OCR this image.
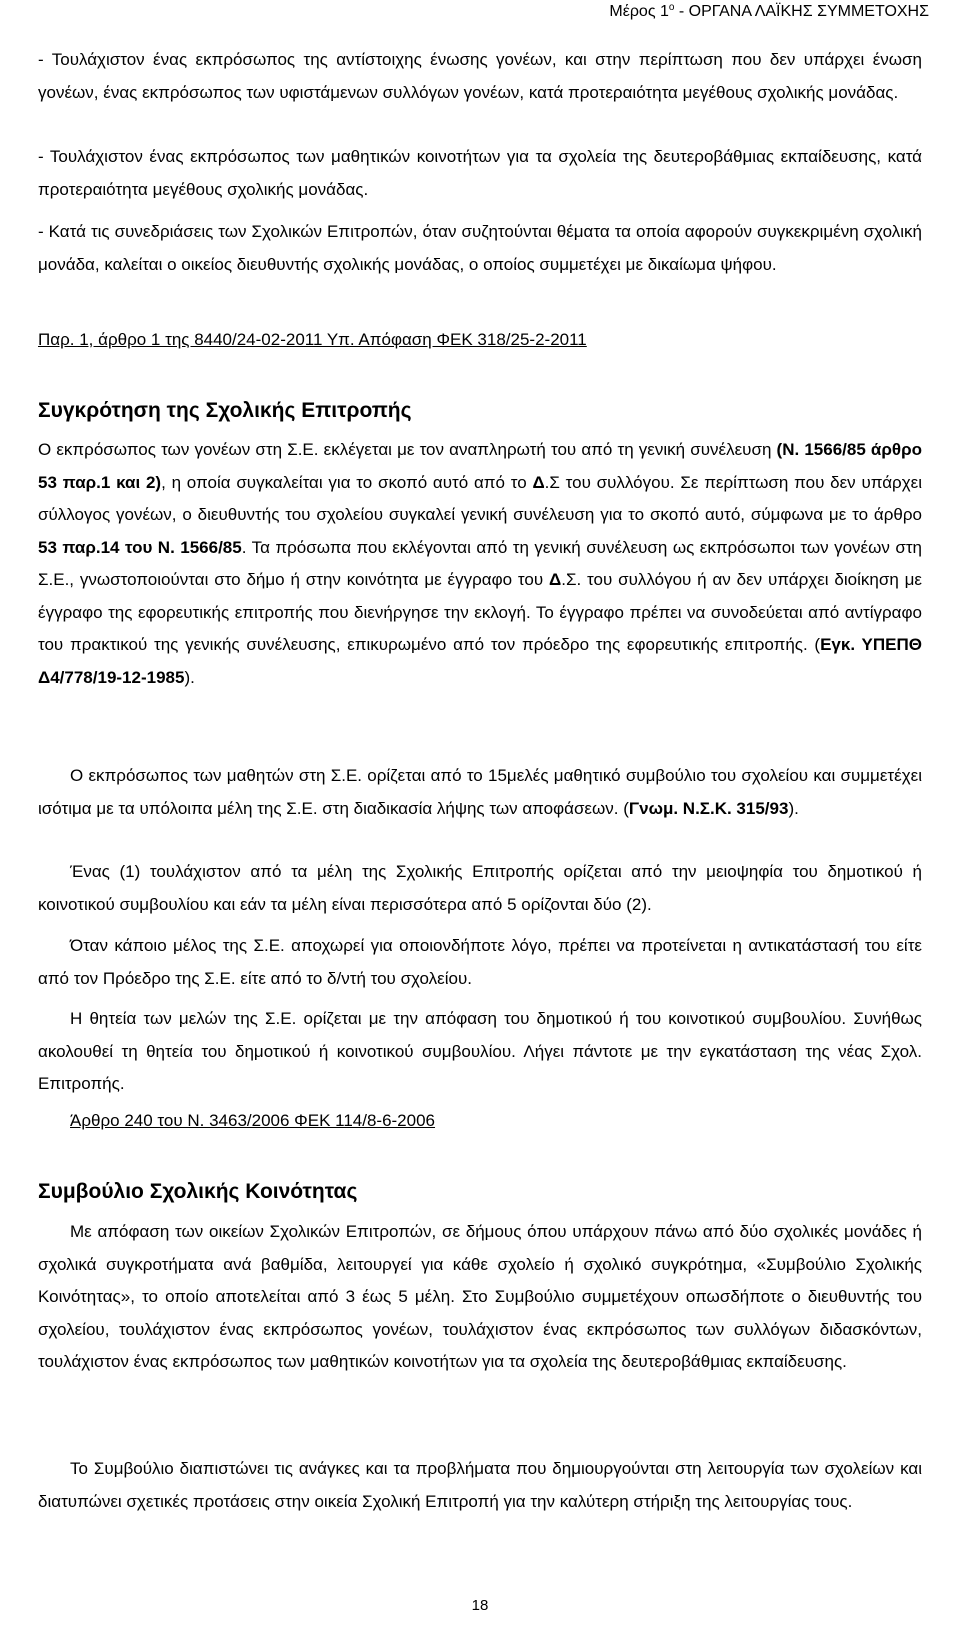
Μέρος $1^o$ - ΟΡΓΑΝΑ ΛΑΪΚΗΣ ΣΥΜΜΕΤΟΧΗΣ
- Τουλάχιστον ένας εκπρόσωπος της αντίστοιχης ένωσης γονέων, και στην περίπτωση που δεν υπάρχει ένωση γονέων, ένας εκπρόσωπος των υφιστάμενων συλλόγων γονέων, κατά προτεραιότητα μεγέθους σχολικής μονάδας.
- Τουλάχιστον ένας εκπρόσωπος των μαθητικών κοινοτήτων για τα σχολεία της δευτεροβάθμιας εκπαίδευσης, κατά προτεραιότητα μεγέθους σχολικής μονάδας.
- Κατά τις συνεδριάσεις των Σχολικών Επιτροπών, όταν συζητούνται θέματα τα οποία αφορούν συγκεκριμένη σχολική μονάδα, καλείται ο οικείος διευθυντής σχολικής μονάδας, ο οποίος συμμετέχει με δικαίωμα ψήφου.
Παρ. 1, άρθρο 1 της 8440/24-02-2011 Υπ. Απόφαση ΦΕΚ 318/25-2-2011
Συγκρότηση της Σχολικής Επιτροπής
Ο εκπρόσωπος των γονέων στη Σ.Ε. εκλέγεται με τον αναπληρωτή του από τη γενική συνέλευση (Ν. 1566/85 άρθρο 53 παρ.1 και 2), η οποία συγκαλείται για το σκοπό αυτό από το Δ.Σ του συλλόγου. Σε περίπτωση που δεν υπάρχει σύλλογος γονέων, ο διευθυντής του σχολείου συγκαλεί γενική συνέλευση για το σκοπό αυτό, σύμφωνα με το άρθρο 53 παρ.14 του Ν. 1566/85. Τα πρόσωπα που εκλέγονται από τη γενική συνέλευση ως εκπρόσωποι των γονέων στη Σ.Ε., γνωστοποιούνται στο δήμο ή στην κοινότητα με έγγραφο του Δ.Σ. του συλλόγου ή αν δεν υπάρχει διοίκηση με έγγραφο της εφορευτικής επιτροπής που διενήργησε την εκλογή. Το έγγραφο πρέπει να συνοδεύεται από αντίγραφο του πρακτικού της γενικής συνέλευσης, επικυρωμένο από τον πρόεδρο της εφορευτικής επιτροπής. (Εγκ. ΥΠΕΠΘ Δ4/778/19-12-1985).
Ο εκπρόσωπος των μαθητών στη Σ.Ε. ορίζεται από το 15μελές μαθητικό συμβούλιο του σχολείου και συμμετέχει ισότιμα με τα υπόλοιπα μέλη της Σ.Ε. στη διαδικασία λήψης των αποφάσεων. (Γνωμ. Ν.Σ.Κ. 315/93).
Ένας (1) τουλάχιστον από τα μέλη της Σχολικής Επιτροπής ορίζεται από την μειοψηφία του δημοτικού ή κοινοτικού συμβουλίου και εάν τα μέλη είναι περισσότερα από 5 ορίζονται δύο (2).
Όταν κάποιο μέλος της Σ.Ε. αποχωρεί για οποιονδήποτε λόγο, πρέπει να προτείνεται η αντικατάστασή του είτε από τον Πρόεδρο της Σ.Ε. είτε από το δ/ντή του σχολείου.
Η θητεία των μελών της Σ.Ε. ορίζεται με την απόφαση του δημοτικού ή του κοινοτικού συμβουλίου. Συνήθως ακολουθεί τη θητεία του δημοτικού ή κοινοτικού συμβουλίου. Λήγει πάντοτε με την εγκατάσταση της νέας Σχολ. Επιτροπής.
Άρθρο 240 του Ν. 3463/2006 ΦΕΚ 114/8-6-2006
Συμβούλιο Σχολικής Κοινότητας
Με απόφαση των οικείων Σχολικών Επιτροπών, σε δήμους όπου υπάρχουν πάνω από δύο σχολικές μονάδες ή σχολικά συγκροτήματα ανά βαθμίδα, λειτουργεί για κάθε σχολείο ή σχολικό συγκρότημα, «Συμβούλιο Σχολικής Κοινότητας», το οποίο αποτελείται από 3 έως 5 μέλη. Στο Συμβούλιο συμμετέχουν οπωσδήποτε ο διευθυντής του σχολείου, τουλάχιστον ένας εκπρόσωπος γονέων, τουλάχιστον ένας εκπρόσωπος των συλλόγων διδασκόντων, τουλάχιστον ένας εκπρόσωπος των μαθητικών κοινοτήτων για τα σχολεία της δευτεροβάθμιας εκπαίδευσης.
Το Συμβούλιο διαπιστώνει τις ανάγκες και τα προβλήματα που δημιουργούνται στη λειτουργία των σχολείων και διατυπώνει σχετικές προτάσεις στην οικεία Σχολική Επιτροπή για την καλύτερη στήριξη της λειτουργίας τους.
18
